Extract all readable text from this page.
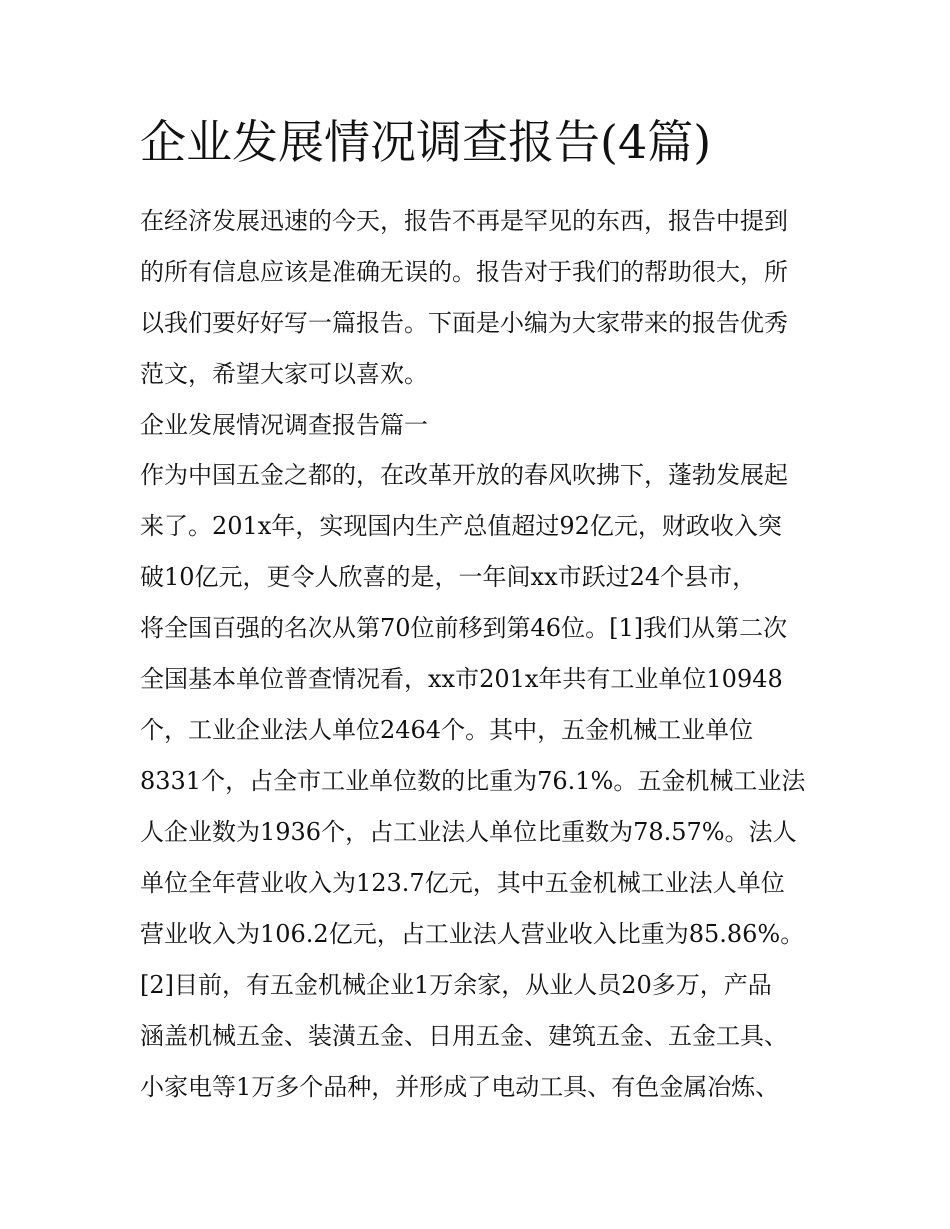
企业发展情况调查报告(4篇)
在经济发展迅速的今天，报告不再是罕见的东西，报告中提到
的所有信息应该是准确无误的。报告对于我们的帮助很大，所
以我们要好好写一篇报告。下面是小编为大家带来的报告优秀
范文，希望大家可以喜欢。
企业发展情况调查报告篇一
作为中国五金之都的，在改革开放的春风吹拂下，蓬勃发展起
来了。201x年，实现国内生产总值超过92亿元，财政收入突
破10亿元，更令人欣喜的是，一年间xx市跃过24个县市，
将全国百强的名次从第70位前移到第46位。[1]我们从第二次
全国基本单位普查情况看，xx市201x年共有工业单位10948
个，工业企业法人单位2464个。其中，五金机械工业单位
8331个，占全市工业单位数的比重为76.1%。五金机械工业法
人企业数为1936个，占工业法人单位比重数为78.57%。法人
单位全年营业收入为123.7亿元，其中五金机械工业法人单位
营业收入为106.2亿元，占工业法人营业收入比重为85.86%。
[2]目前，有五金机械企业1万余家，从业人员20多万，产品
涵盖机械五金、装潢五金、日用五金、建筑五金、五金工具、
小家电等1万多个品种，并形成了电动工具、有色金属冶炼、
